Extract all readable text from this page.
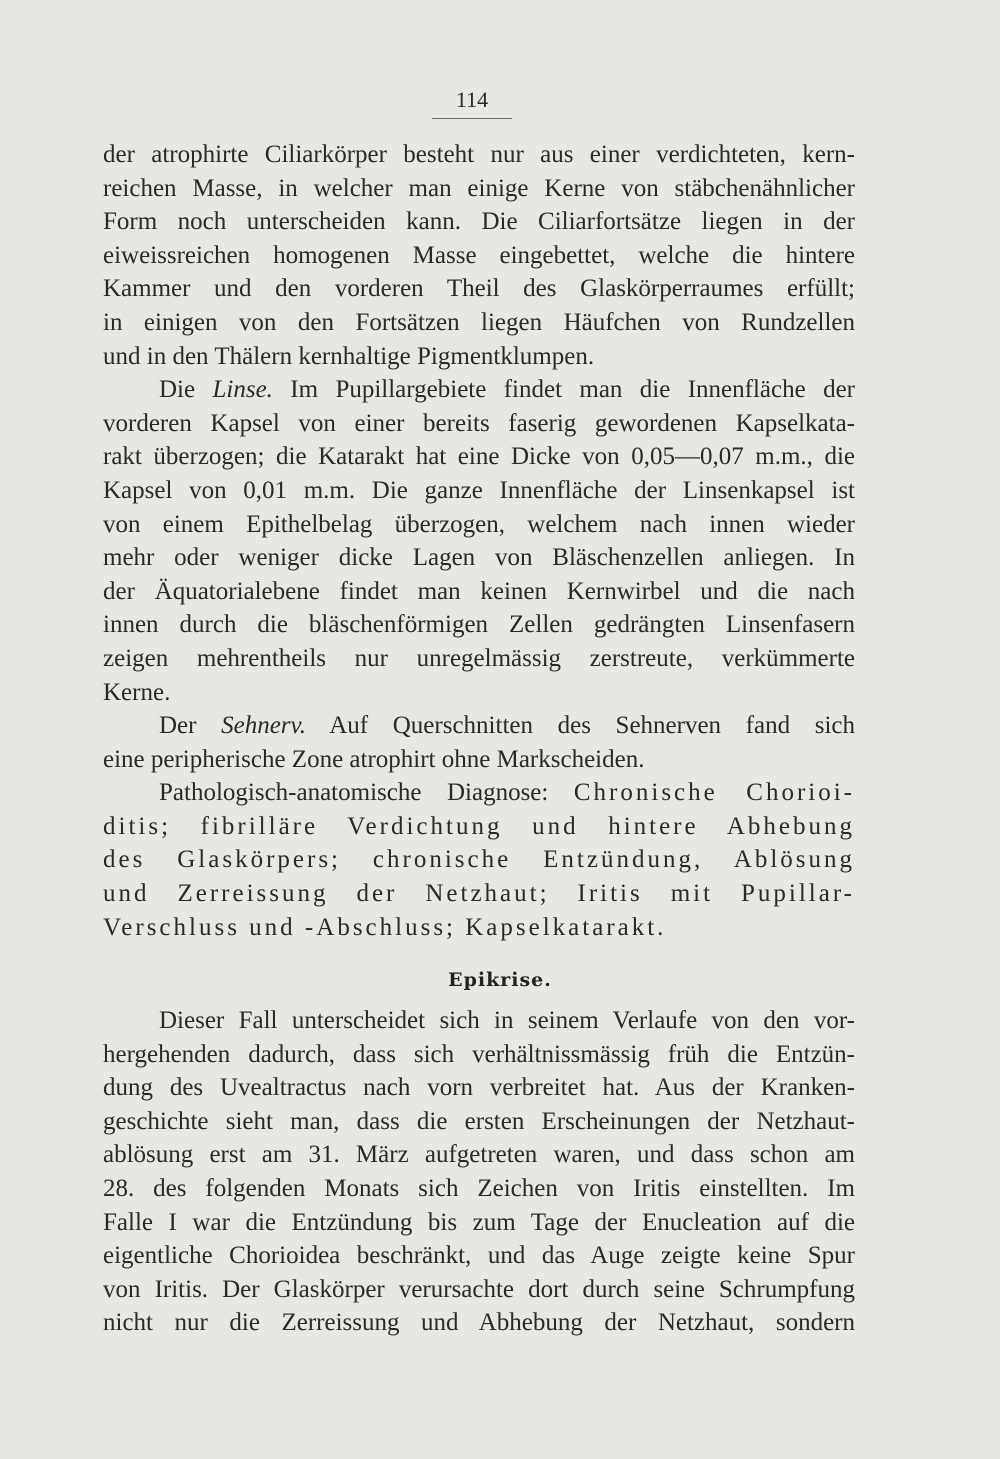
114
der atrophirte Ciliarkörper besteht nur aus einer verdichteten, kern-
reichen Masse, in welcher man einige Kerne von stäbchenähnlicher
Form noch unterscheiden kann. Die Ciliarfortsätze liegen in der
eiweissreichen homogenen Masse eingebettet, welche die hintere
Kammer und den vorderen Theil des Glaskörperraumes erfüllt;
in einigen von den Fortsätzen liegen Häufchen von Rundzellen
und in den Thälern kernhaltige Pigmentklumpen.
Die Linse. Im Pupillargebiete findet man die Innenfläche der
vorderen Kapsel von einer bereits faserig gewordenen Kapselkata-
rakt überzogen; die Katarakt hat eine Dicke von 0,05—0,07 m.m., die
Kapsel von 0,01 m.m. Die ganze Innenfläche der Linsenkapsel ist
von einem Epithelbelag überzogen, welchem nach innen wieder
mehr oder weniger dicke Lagen von Bläschenzellen anliegen. In
der Äquatorialebene findet man keinen Kernwirbel und die nach
innen durch die bläschenförmigen Zellen gedrängten Linsenfasern
zeigen mehrentheils nur unregelmässig zerstreute, verkümmerte
Kerne.
Der Sehnerv. Auf Querschnitten des Sehnerven fand sich
eine peripherische Zone atrophirt ohne Markscheiden.
Pathologisch-anatomische Diagnose: Chronische Chorioi-
ditis; fibrilläre Verdichtung und hintere Abhebung
des Glaskörpers; chronische Entzündung, Ablösung
und Zerreissung der Netzhaut; Iritis mit Pupillar-
Verschluss und -Abschluss; Kapselkatarakt.
Epikrise.
Dieser Fall unterscheidet sich in seinem Verlaufe von den vor-
hergehenden dadurch, dass sich verhältnissmässig früh die Entzün-
dung des Uvealtractus nach vorn verbreitet hat. Aus der Kranken-
geschichte sieht man, dass die ersten Erscheinungen der Netzhaut-
ablösung erst am 31. März aufgetreten waren, und dass schon am
28. des folgenden Monats sich Zeichen von Iritis einstellten. Im
Falle I war die Entzündung bis zum Tage der Enucleation auf die
eigentliche Chorioidea beschränkt, und das Auge zeigte keine Spur
von Iritis. Der Glaskörper verursachte dort durch seine Schrumpfung
nicht nur die Zerreissung und Abhebung der Netzhaut, sondern
